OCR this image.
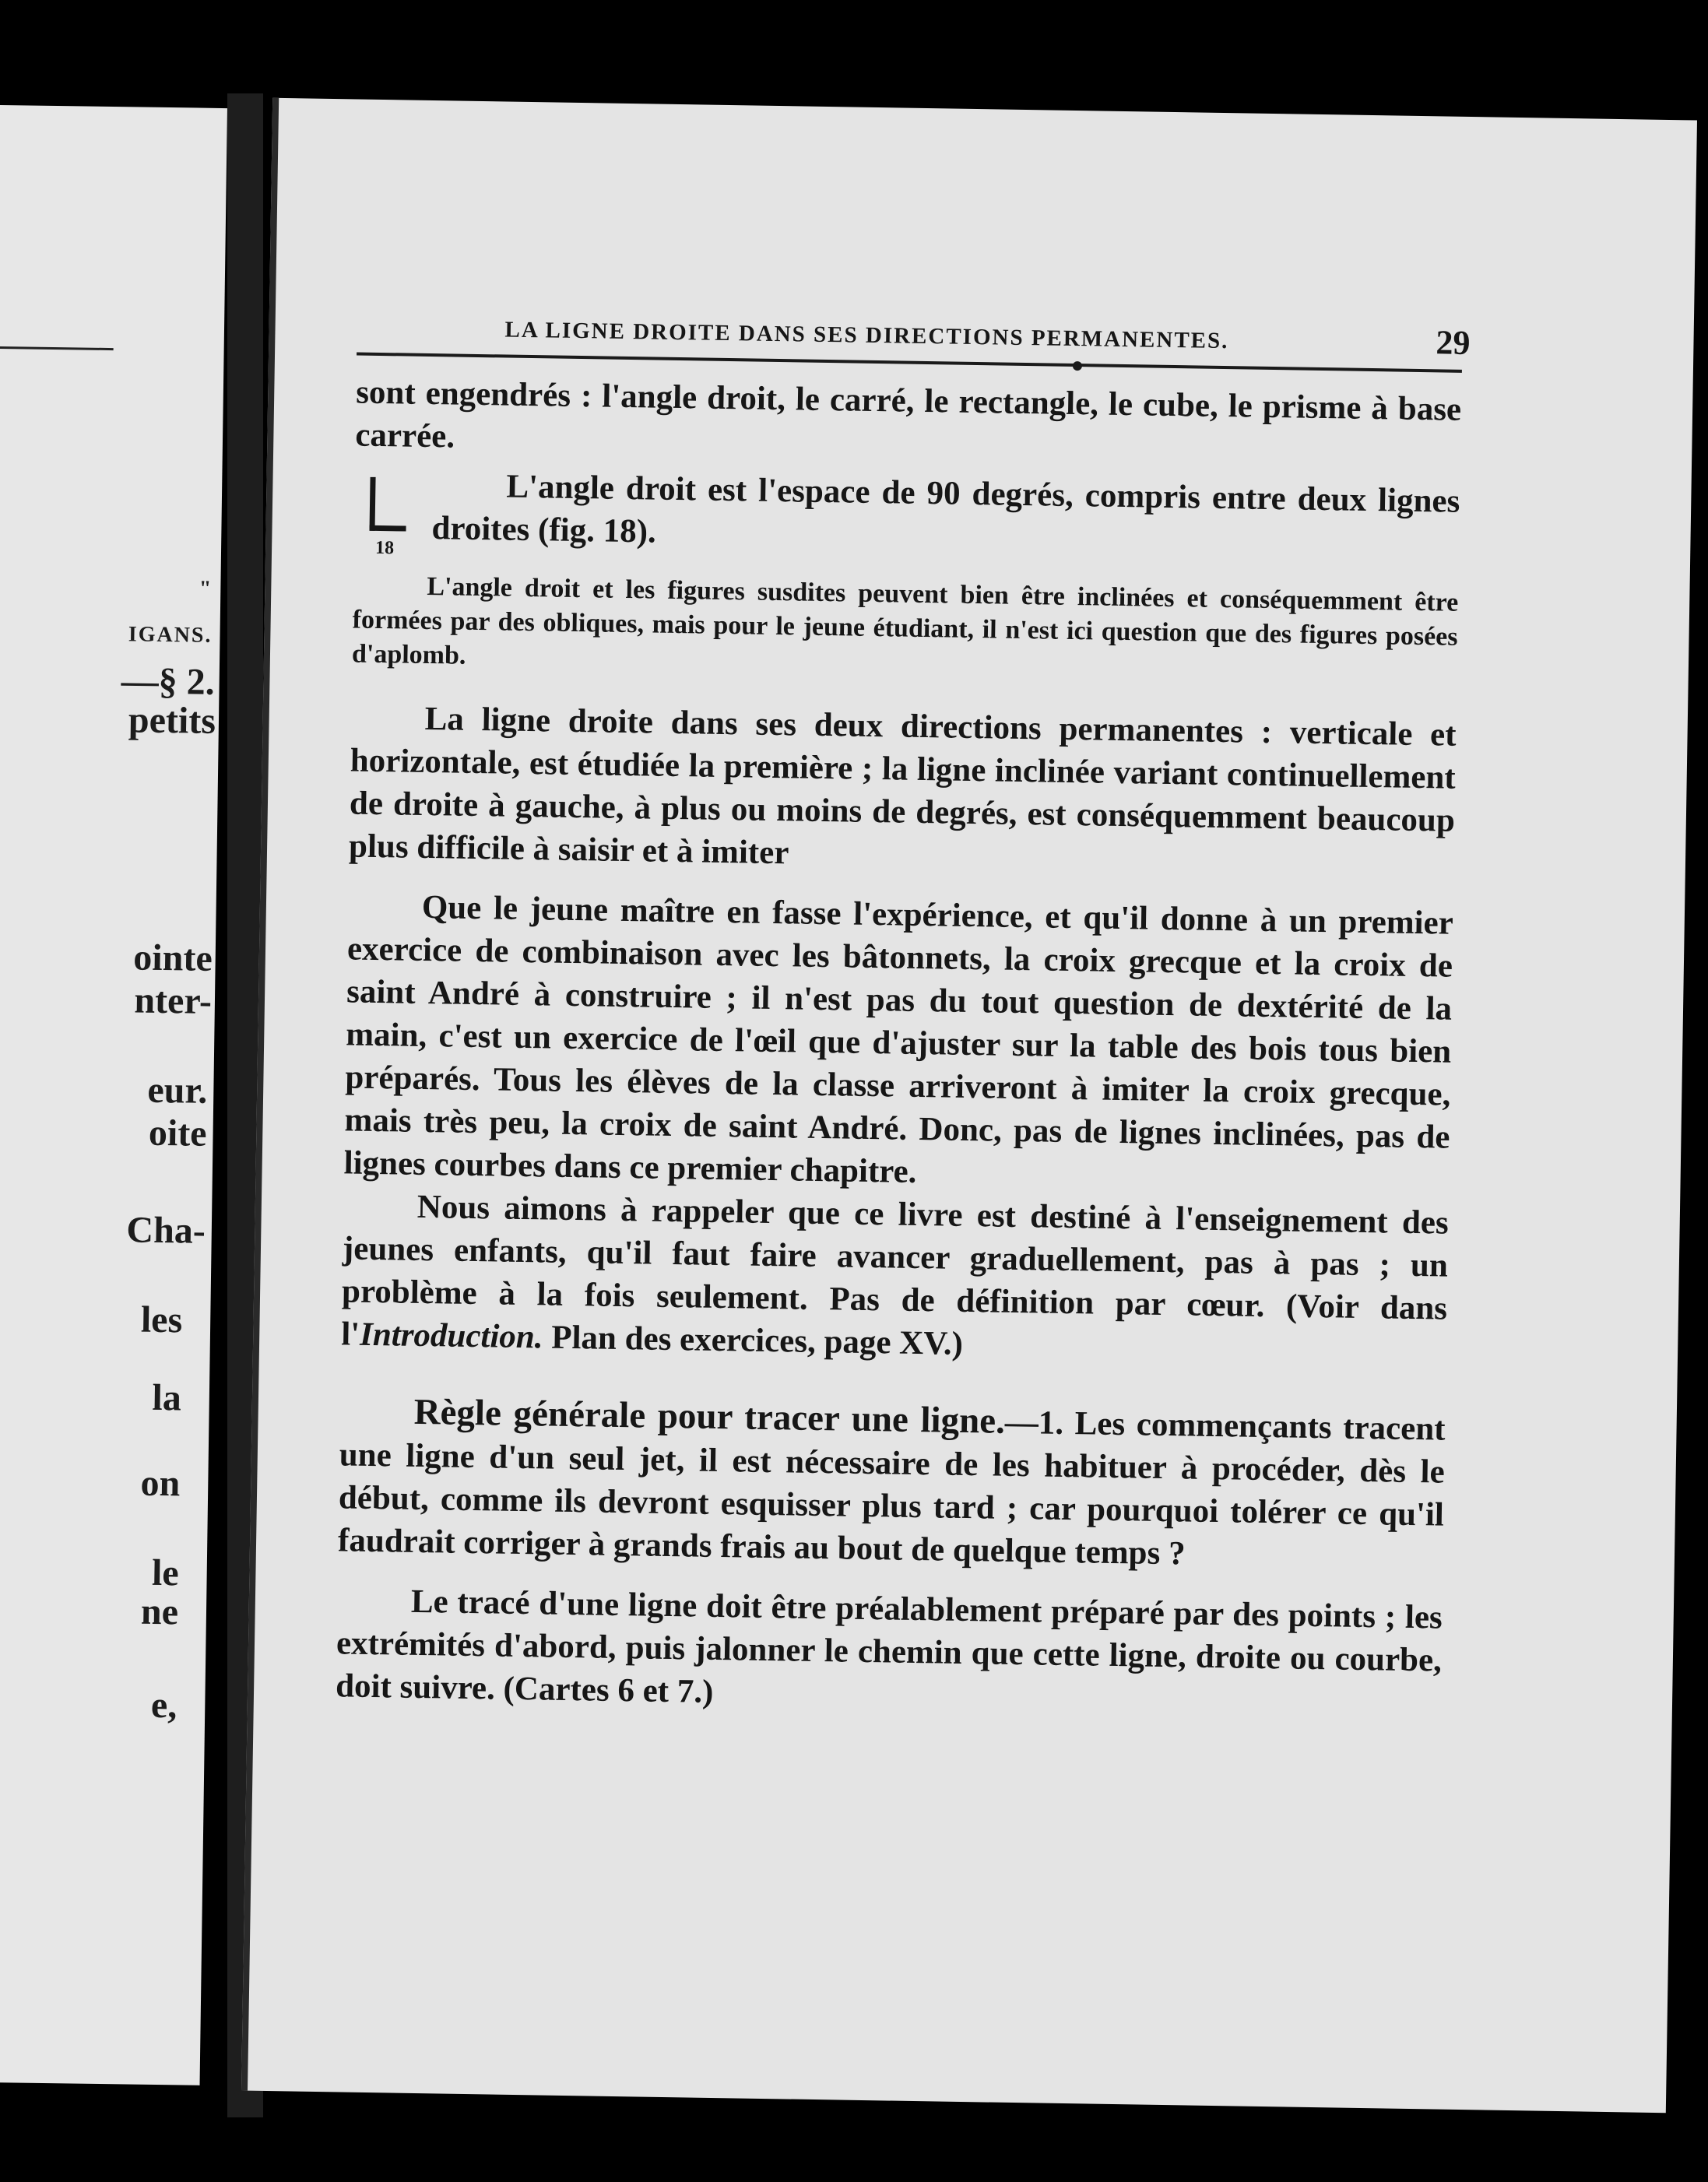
"
IGANS.
—§ 2.
petits
ointe
nter-
eur.
oite
Cha-
les
la
on
le
ne
e,
LA LIGNE DROITE DANS SES DIRECTIONS PERMANENTES.	29

sont engendrés : l'angle droit, le carré, le rectangle, le cube, le prisme à base carrée.

18

L'angle droit est l'espace de 90 degrés, compris entre deux lignes droites (fig. 18).

L'angle droit et les figures susdites peuvent bien être inclinées et conséquemment être formées par des obliques, mais pour le jeune étudiant, il n'est ici question que des figures posées d'aplomb.

La ligne droite dans ses deux directions permanentes : verticale et horizontale, est étudiée la première ; la ligne inclinée variant continuellement de droite à gauche, à plus ou moins de degrés, est conséquemment beaucoup plus difficile à saisir et à imiter

Que le jeune maître en fasse l'expérience, et qu'il donne à un premier exercice de combinaison avec les bâtonnets, la croix grecque et la croix de saint André à construire ; il n'est pas du tout question de dextérité de la main, c'est un exercice de l'œil que d'ajuster sur la table des bois tous bien préparés. Tous les élèves de la classe arriveront à imiter la croix grecque, mais très peu, la croix de saint André. Donc, pas de lignes inclinées, pas de lignes courbes dans ce premier chapitre.

Nous aimons à rappeler que ce livre est destiné à l'enseignement des jeunes enfants, qu'il faut faire avancer graduellement, pas à pas ; un problème à la fois seulement. Pas de définition par cœur. (Voir dans l'Introduction. Plan des exercices, page XV.)

Règle générale pour tracer une ligne.—1. Les commençants tracent une ligne d'un seul jet, il est nécessaire de les habituer à procéder, dès le début, comme ils devront esquisser plus tard ; car pourquoi tolérer ce qu'il faudrait corriger à grands frais au bout de quelque temps ?

Le tracé d'une ligne doit être préalablement préparé par des points ; les extrémités d'abord, puis jalonner le chemin que cette ligne, droite ou courbe, doit suivre. (Cartes 6 et 7.)
